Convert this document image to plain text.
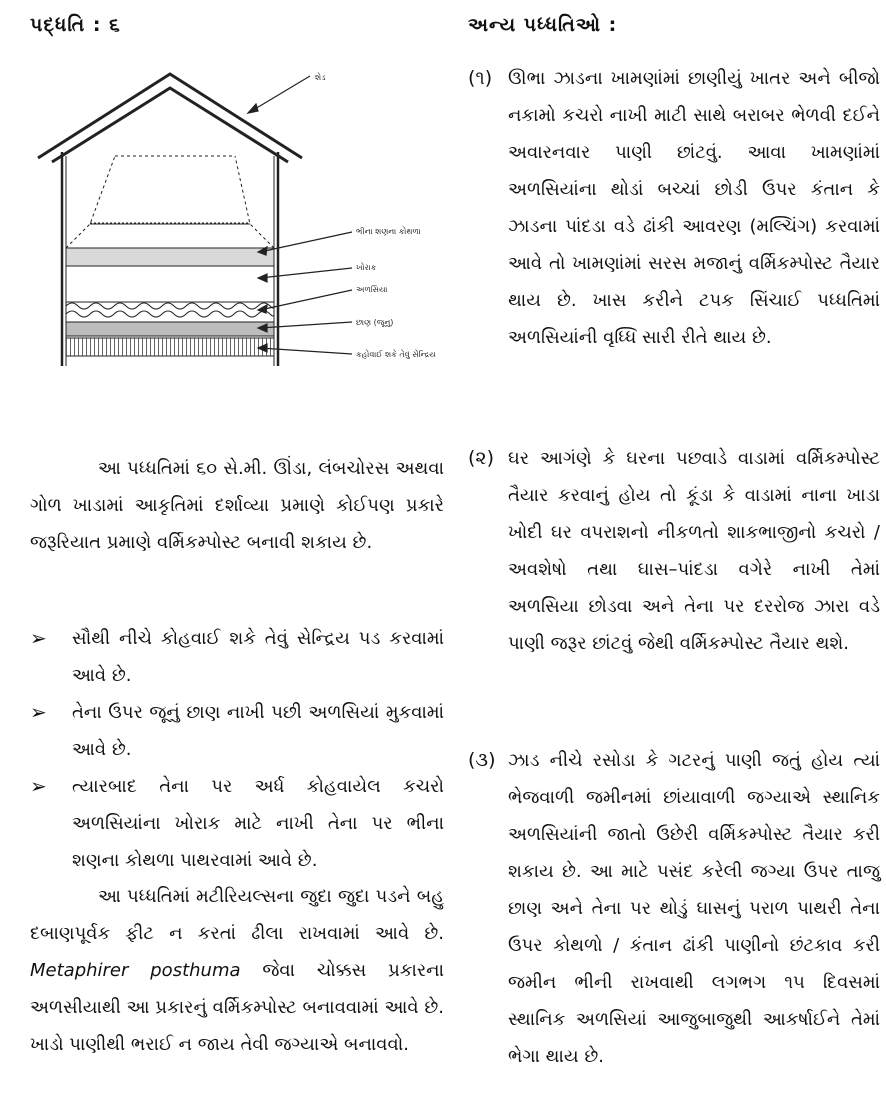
પદ્ધતિ : ૬
શેડ
ભીના શણના કોથળા
ખોરાક
અળસિયા
છાણ (જૂનુ)
કહોવાઈ શકે તેવું સેન્દ્રિય

આ પધ્ધતિમાં ૬૦ સે.મી. ઊંડા, લંબચોરસ અથવા ગોળ ખાડામાં આકૃતિમાં દર્શાવ્યા પ્રમાણે કોઈપણ પ્રકારે જરૂરિયાત પ્રમાણે વર્મિકમ્પોસ્ટ બનાવી શકાય છે.

➢	સૌથી નીચે કોહવાઈ શકે તેવું સેન્દ્રિય પડ કરવામાં આવે છે.

➢	તેના ઉપર જૂનું છાણ નાખી પછી અળસિયાં મુકવામાં આવે છે.

➢	ત્યારબાદ તેના પર અર્ધ કોહવાયેલ કચરો અળસિયાંના ખોરાક માટે નાખી તેના પર ભીના શણના કોથળા પાથરવામાં આવે છે.

આ પધ્ધતિમાં મટીરિયલ્સના જુદા જુદા પડને બહુ દબાણપૂર્વક ફીટ ન કરતાં ઢીલા રાખવામાં આવે છે. Metaphirer posthuma જેવા ચોક્કસ પ્રકારના અળસીયાથી આ પ્રકારનું વર્મિકમ્પોસ્ટ બનાવવામાં આવે છે. ખાડો પાણીથી ભરાઈ ન જાય તેવી જગ્યાએ બનાવવો.

અન્ય પધ્ધતિઓ :
(૧) ઊભા ઝાડના ખામણાંમાં છાણીયું ખાતર અને બીજો નકામો કચરો નાખી માટી સાથે બરાબર ભેળવી દઈને અવારનવાર પાણી છાંટવું. આવા ખામણાંમાં અળસિયાંના થોડાં બચ્ચાં છોડી ઉપર કંતાન કે ઝાડના પાંદડા વડે ઢાંકી આવરણ (મલ્ચિંગ) કરવામાં આવે તો ખામણાંમાં સરસ મજાનું વર્મિકમ્પોસ્ટ તૈયાર થાય છે. ખાસ કરીને ટપક સિંચાઈ પધ્ધતિમાં અળસિયાંની વૃધ્ધિ સારી રીતે થાય છે.

(૨) ઘર આગંણે કે ઘરના પછવાડે વાડામાં વર્મિકમ્પોસ્ટ તૈયાર કરવાનું હોય તો કૂંડા કે વાડામાં નાના ખાડા ખોદી ઘર વપરાશનો નીકળતો શાકભાજીનો કચરો / અવશેષો તથા ઘાસ–પાંદડા વગેરે નાખી તેમાં અળસિયા છોડવા અને તેના પર દરરોજ ઝારા વડે પાણી જરૂર છાંટવું જેથી વર્મિકમ્પોસ્ટ તૈયાર થશે.

(૩) ઝાડ નીચે રસોડા કે ગટરનું પાણી જતું હોય ત્યાં ભેજવાળી જમીનમાં છાંયાવાળી જગ્યાએ સ્થાનિક અળસિયાંની જાતો ઉછેરી વર્મિકમ્પોસ્ટ તૈયાર કરી શકાય છે. આ માટે પસંદ કરેલી જગ્યા ઉપર તાજુ છાણ અને તેના પર થોડું ઘાસનું પરાળ પાથરી તેના ઉપર કોથળો / કંતાન ઢાંકી પાણીનો છંટકાવ કરી જમીન ભીની રાખવાથી લગભગ ૧૫ દિવસમાં સ્થાનિક અળસિયાં આજુબાજુથી આકર્ષાઈને તેમાં ભેગા થાય છે.
